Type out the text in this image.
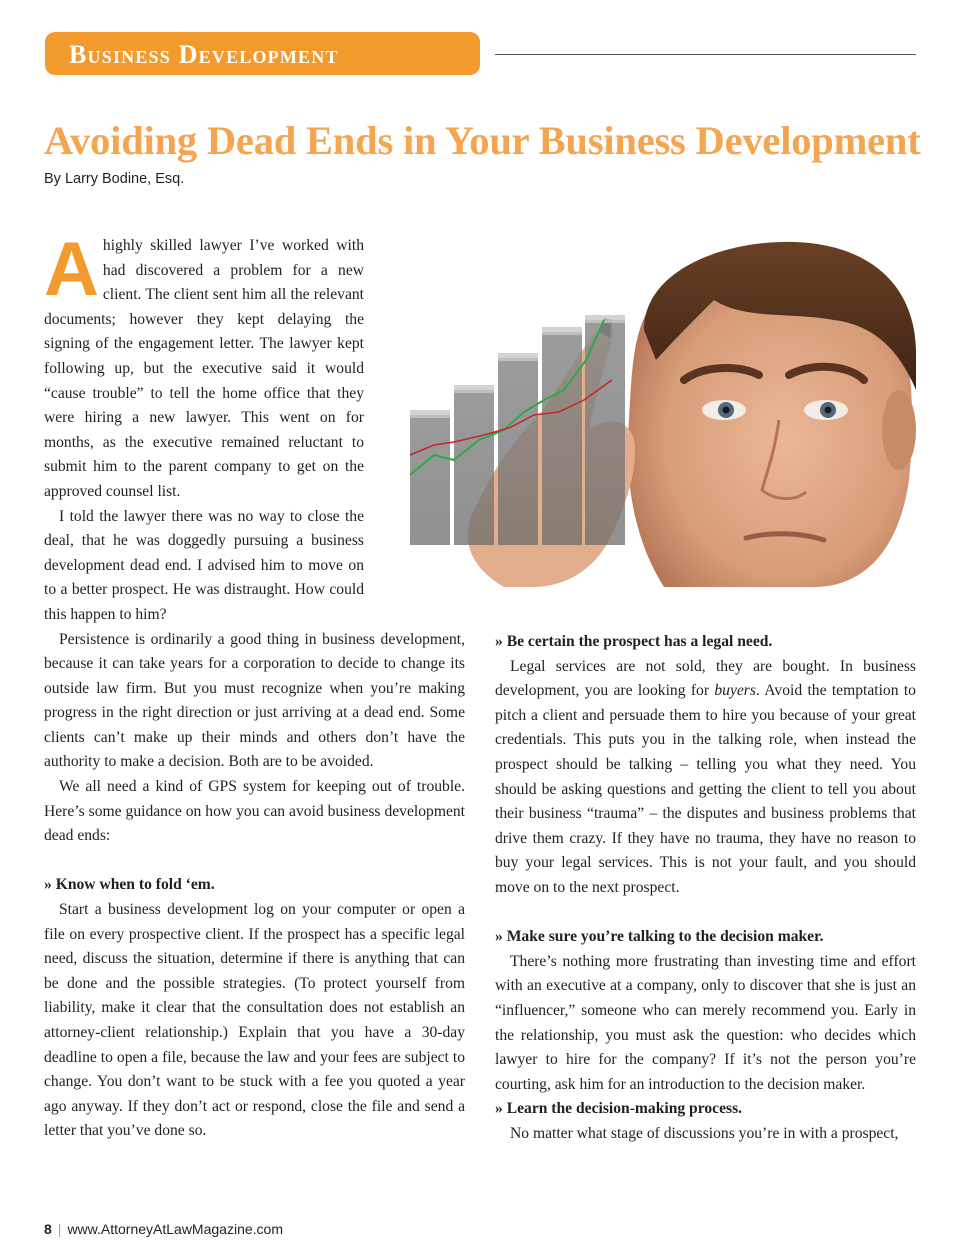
Business Development
Avoiding Dead Ends in Your Business Development
By Larry Bodine, Esq.

Ahighly skilled lawyer I’ve worked with had discovered a problem for a new client. The client sent him all the relevant documents; however they kept delaying the signing of the engagement letter. The lawyer kept following up, but the executive said it would “cause trouble” to tell the home office that they were hiring a new lawyer. This went on for months, as the executive remained reluctant to submit him to the parent company to get on the approved counsel list.

I told the lawyer there was no way to close the deal, that he was doggedly pursuing a business development dead end. I advised him to move on to a better prospect. He was distraught. How could this happen to him?

Persistence is ordinarily a good thing in business development, because it can take years for a corporation to decide to change its outside law firm. But you must recognize when you’re making progress in the right direction or just arriving at a dead end. Some clients can’t make up their minds and others don’t have the authority to make a decision. Both are to be avoided.

We all need a kind of GPS system for keeping out of trouble. Here’s some guidance on how you can avoid business development dead ends:

» Know when to fold ‘em.

Start a business development log on your computer or open a file on every prospective client. If the prospect has a specific legal need, discuss the situation, determine if there is anything that can be done and the possible strategies. (To protect yourself from liability, make it clear that the consultation does not establish an attorney-client relationship.) Explain that you have a 30-day deadline to open a file, because the law and your fees are subject to change. You don’t want to be stuck with a fee you quoted a year ago anyway. If they don’t act or respond, close the file and send a letter that you’ve done so.

» Be certain the prospect has a legal need.

Legal services are not sold, they are bought. In business development, you are looking for buyers. Avoid the temptation to pitch a client and persuade them to hire you because of your great credentials. This puts you in the talking role, when instead the prospect should be talking – telling you what they need. You should be asking questions and getting the client to tell you about their business “trauma” – the disputes and business problems that drive them crazy. If they have no trauma, they have no reason to buy your legal services. This is not your fault, and you should move on to the next prospect.

» Make sure you’re talking to the decision maker.

There’s nothing more frustrating than investing time and effort with an executive at a company, only to discover that she is just an “influencer,” someone who can merely recommend you. Early in the relationship, you must ask the question: who decides which lawyer to hire for the company? If it’s not the person you’re courting, ask him for an introduction to the decision maker.

» Learn the decision-making process.

No matter what stage of discussions you’re in with a prospect,

8 | www.AttorneyAtLawMagazine.com
